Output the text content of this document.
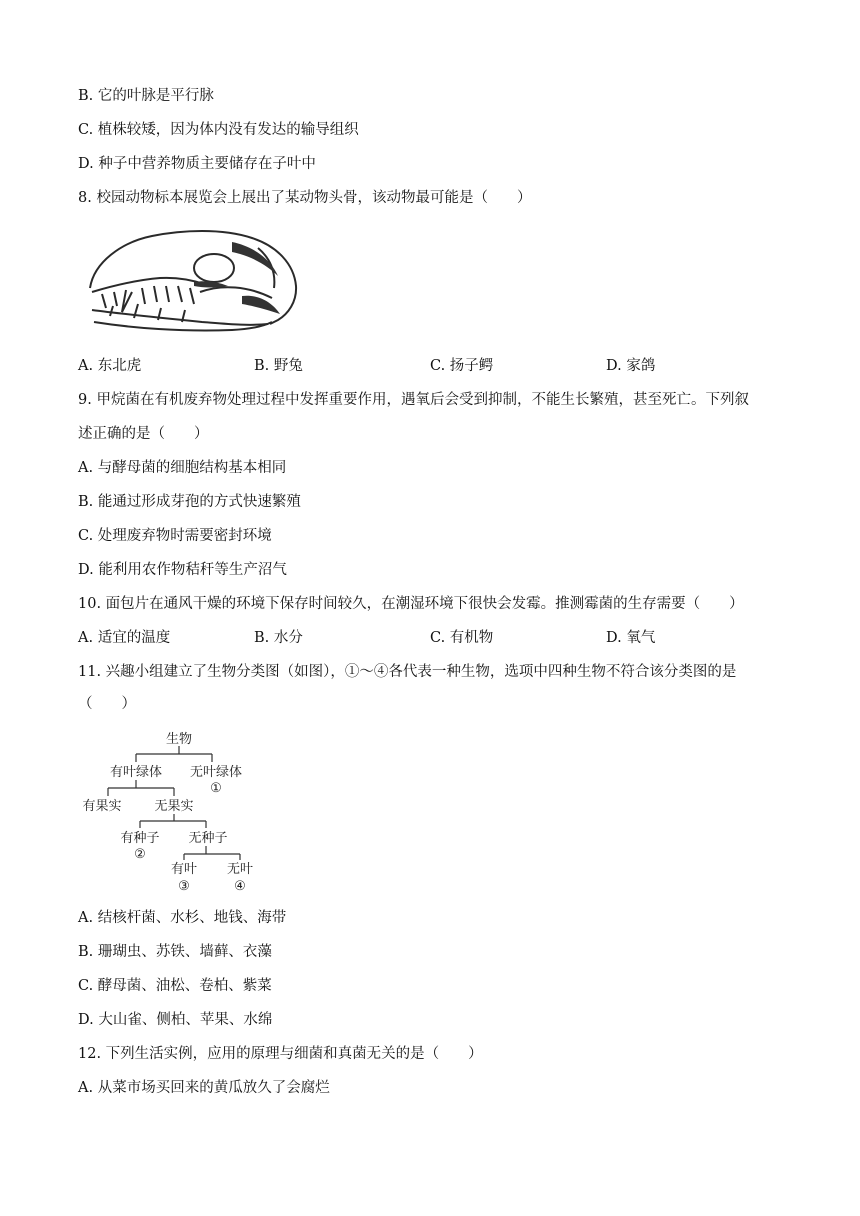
B. 它的叶脉是平行脉
C. 植株较矮，因为体内没有发达的输导组织
D. 种子中营养物质主要储存在子叶中
8. 校园动物标本展览会上展出了某动物头骨，该动物最可能是（　　）
A. 东北虎	B. 野兔	C. 扬子鳄	D. 家鸽
9. 甲烷菌在有机废弃物处理过程中发挥重要作用，遇氧后会受到抑制，不能生长繁殖，甚至死亡。下列叙
述正确的是（　　）
A. 与酵母菌的细胞结构基本相同
B. 能通过形成芽孢的方式快速繁殖
C. 处理废弃物时需要密封环境
D. 能利用农作物秸秆等生产沼气
10. 面包片在通风干燥的环境下保存时间较久，在潮湿环境下很快会发霉。推测霉菌的生存需要（　　）
A. 适宜的温度	B. 水分	C. 有机物	D. 氧气
11. 兴趣小组建立了生物分类图（如图），①～④各代表一种生物，选项中四种生物不符合该分类图的是
（　　）
生物
有叶绿体 无叶绿体
①
有果实	无果实
有种子
②
无种子
有叶
③
无叶
④
A. 结核杆菌、水杉、地钱、海带
B. 珊瑚虫、苏铁、墙藓、衣藻
C. 酵母菌、油松、卷柏、紫菜
D. 大山雀、侧柏、苹果、水绵
12. 下列生活实例，应用的原理与细菌和真菌无关的是（　　）
A. 从菜市场买回来的黄瓜放久了会腐烂
